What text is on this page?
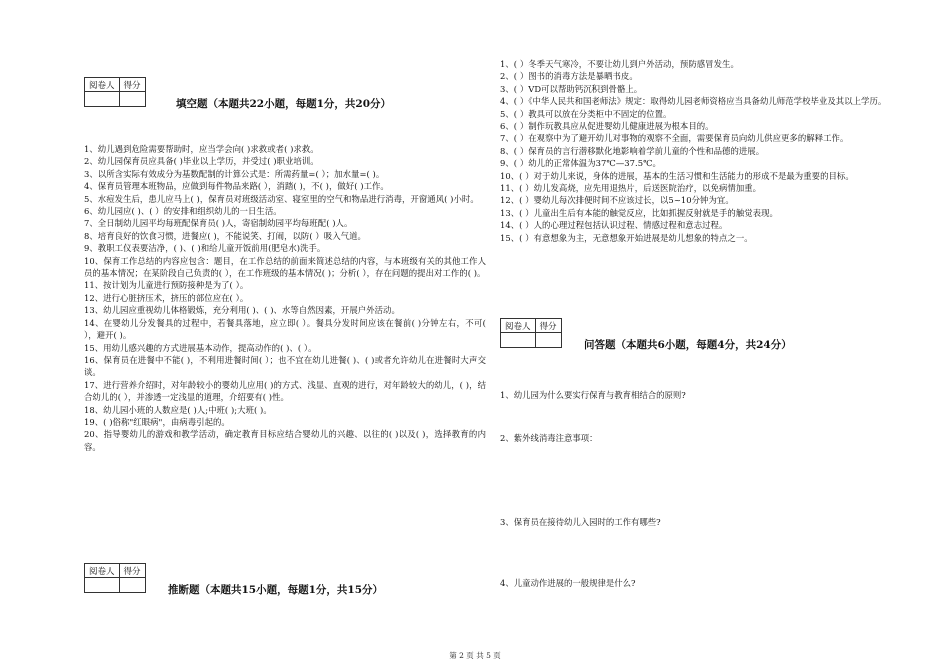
阅卷人	得分

填空题（本题共22小题，每题1分，共20分）

1、幼儿遇到危险需要帮助时，应当学会向( )求救或者( )求救。

2、幼儿园保育员应具备( )毕业以上学历，并受过( )职业培训。

3、以所含实际有效成分为基数配制的计算公式是：所需药量=( ）；加水量=( )。

4、保育员管理本班物品，应做到每件物品来路( ），消踏( )，不( )，做好( )工作。

5、水痘发生后，患儿应马上( )，保育员对班级活动室、寝室里的空气和物品进行消毒，开窗通风( )小时。

6、幼儿园应( )、( ）的安排和组织幼儿的一日生活。

7、全日制幼儿园平均每班配保育员( )人，寄宿制幼园平均每班配( )人。

8、培育良好的饮食习惯，进餐应( )，不能说笑、打闹，以防( ）吸入气道。

9、教职工仪表要洁净，( )、( )和给儿童开饭前用(肥皂水)洗手。

10、保育工作总结的内容应包含：题目，在工作总结的前面来简述总结的内容，与本班级有关的其他工作人员的基本情况；在某阶段自己负责的( ），在工作班级的基本情况( )；分析( ），存在问题的提出对工作的( )。

11、按计划为儿童进行预防接种是为了( ）。

12、进行心脏挤压术，挤压的部位应在( ）。

13、幼儿园应重视幼儿体格锻炼，充分利用( )、( )、水等自然因素，开展户外活动。

14、在婴幼儿分发餐具的过程中，若餐具落地，应立即( ）。餐具分发时间应该在餐前( )分钟左右，不可( ），避开( )。

15、用幼儿感兴趣的方式进展基本动作，提高动作的( )、( ）。

16、保育员在进餐中不能( )，不利用进餐时间( ）；也不宜在幼儿进餐( )、( )或者允许幼儿在进餐时大声交谈。

17、进行营养介绍时，对年龄较小的婴幼儿应用( )的方式、浅显、直观的进行，对年龄较大的幼儿，( )，结合幼儿的( ），并渗透一定浅显的道理，介绍要有( )性。

18、幼儿园小班的人数应是( )人;中班( );大班( )。

19、( )俗称"红眼病"，由病毒引起的。

20、指导婴幼儿的游戏和教学活动，确定教育目标应结合婴幼儿的兴趣、以往的( )以及( )，选择教育的内容。

阅卷人	得分

推断题（本题共15小题，每题1分，共15分）

1、( ）冬季天气寒冷，不要让幼儿到户外活动，预防感冒发生。

2、( ）图书的消毒方法是暴晒书皮。

3、( ）VD可以帮助钙沉积到骨骼上。

4、( ）《中华人民共和国老师法》规定：取得幼儿园老师资格应当具备幼儿师范学校毕业及其以上学历。

5、( ）教具可以放在分类柜中不固定的位置。

6、( ）制作玩教具应从促进婴幼儿健康进展为根本目的。

7、( ）在观察中为了避开幼儿对事物的观察不全面，需要保育员向幼儿供应更多的解释工作。

8、( ）保育员的言行潜移默化地影响着学前儿童的个性和品德的进展。

9、( ）幼儿的正常体温为37℃—37.5℃。

10、( ）对于幼儿来说，身体的进展，基本的生活习惯和生活能力的形成不是最为重要的目标。

11、( ）幼儿发高烧，应先用退热片，后送医院治疗，以免病情加重。

12、( ）婴幼儿每次排便时间不应该过长，以5~10分钟为宜。

13、( ）儿童出生后有本能的触觉反应，比如抓握反射就是手的触觉表现。

14、( ）人的心理过程包括认识过程、情感过程和意志过程。

15、( ）有意想象为主，无意想象开始进展是幼儿想象的特点之一。

阅卷人	得分

问答题（本题共6小题，每题4分，共24分）
1、幼儿园为什么要实行保育与教育相结合的原则?
2、紫外线消毒注意事项：
3、保育员在接待幼儿入园时的工作有哪些?
4、儿童动作进展的一般规律是什么?
第 2 页 共 5 页
